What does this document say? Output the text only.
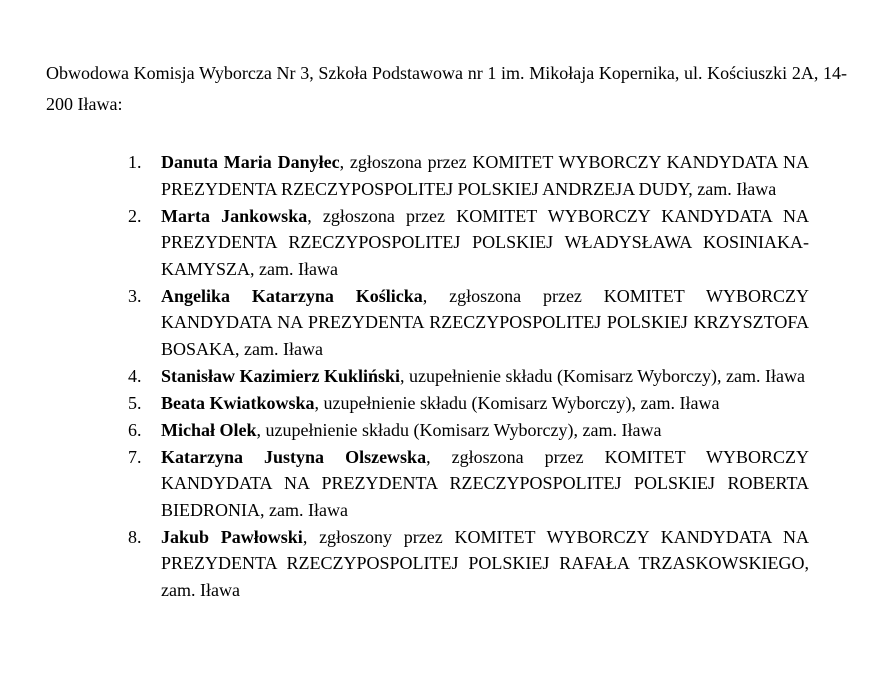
Obwodowa Komisja Wyborcza Nr 3, Szkoła Podstawowa nr 1 im. Mikołaja Kopernika, ul. Kościuszki 2A, 14-200 Iława:

1. Danuta Maria Danyłec, zgłoszona przez KOMITET WYBORCZY KANDYDATA NA PREZYDENTA RZECZYPOSPOLITEJ POLSKIEJ ANDRZEJA DUDY, zam. Iława
2. Marta Jankowska, zgłoszona przez KOMITET WYBORCZY KANDYDATA NA PREZYDENTA RZECZYPOSPOLITEJ POLSKIEJ WŁADYSŁAWA KOSINIAKA-KAMYSZA, zam. Iława
3. Angelika Katarzyna Koślicka, zgłoszona przez KOMITET WYBORCZY KANDYDATA NA PREZYDENTA RZECZYPOSPOLITEJ POLSKIEJ KRZYSZTOFA BOSAKA, zam. Iława
4. Stanisław Kazimierz Kukliński, uzupełnienie składu (Komisarz Wyborczy), zam. Iława
5. Beata Kwiatkowska, uzupełnienie składu (Komisarz Wyborczy), zam. Iława
6. Michał Olek, uzupełnienie składu (Komisarz Wyborczy), zam. Iława
7. Katarzyna Justyna Olszewska, zgłoszona przez KOMITET WYBORCZY KANDYDATA NA PREZYDENTA RZECZYPOSPOLITEJ POLSKIEJ ROBERTA BIEDRONIA, zam. Iława
8. Jakub Pawłowski, zgłoszony przez KOMITET WYBORCZY KANDYDATA NA PREZYDENTA RZECZYPOSPOLITEJ POLSKIEJ RAFAŁA TRZASKOWSKIEGO, zam. Iława
